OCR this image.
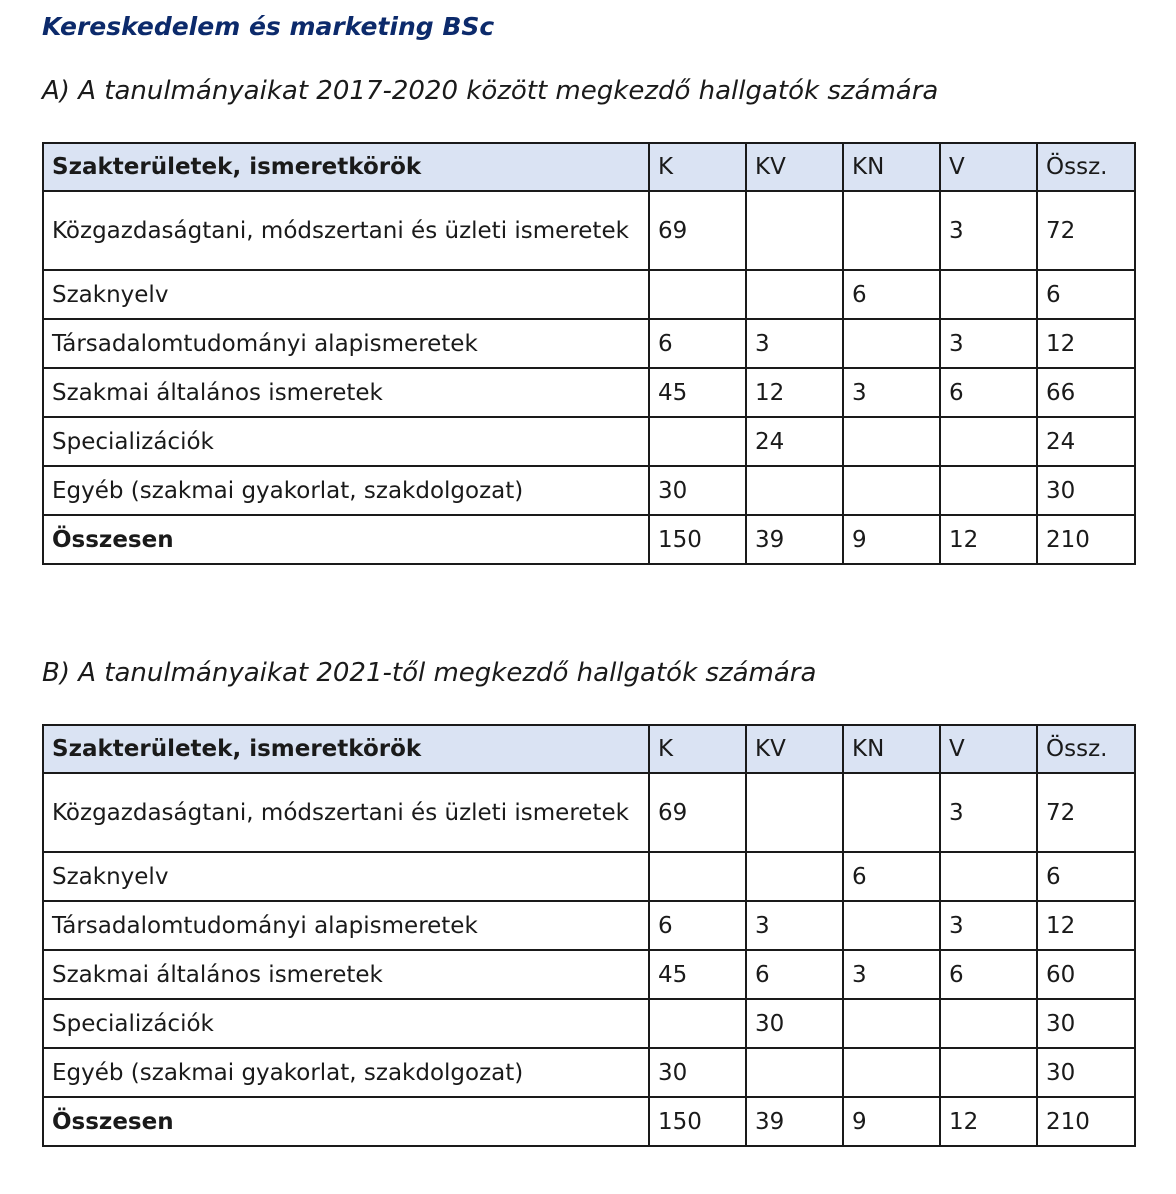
Kereskedelem és marketing BSc
A) A tanulmányaikat 2017-2020 között megkezdő hallgatók számára
Szakterületek, ismeretkörök	K	KV	KN	V	Össz.
Közgazdaságtani, módszertani és üzleti ismeretek	69			3	72
Szaknyelv			6		6
Társadalomtudományi alapismeretek	6	3		3	12
Szakmai általános ismeretek	45	12	3	6	66
Specializációk		24			24
Egyéb (szakmai gyakorlat, szakdolgozat)	30				30
Összesen	150	39	9	12	210
B) A tanulmányaikat 2021-től megkezdő hallgatók számára
Szakterületek, ismeretkörök	K	KV	KN	V	Össz.
Közgazdaságtani, módszertani és üzleti ismeretek	69			3	72
Szaknyelv			6		6
Társadalomtudományi alapismeretek	6	3		3	12
Szakmai általános ismeretek	45	6	3	6	60
Specializációk		30			30
Egyéb (szakmai gyakorlat, szakdolgozat)	30				30
Összesen	150	39	9	12	210
